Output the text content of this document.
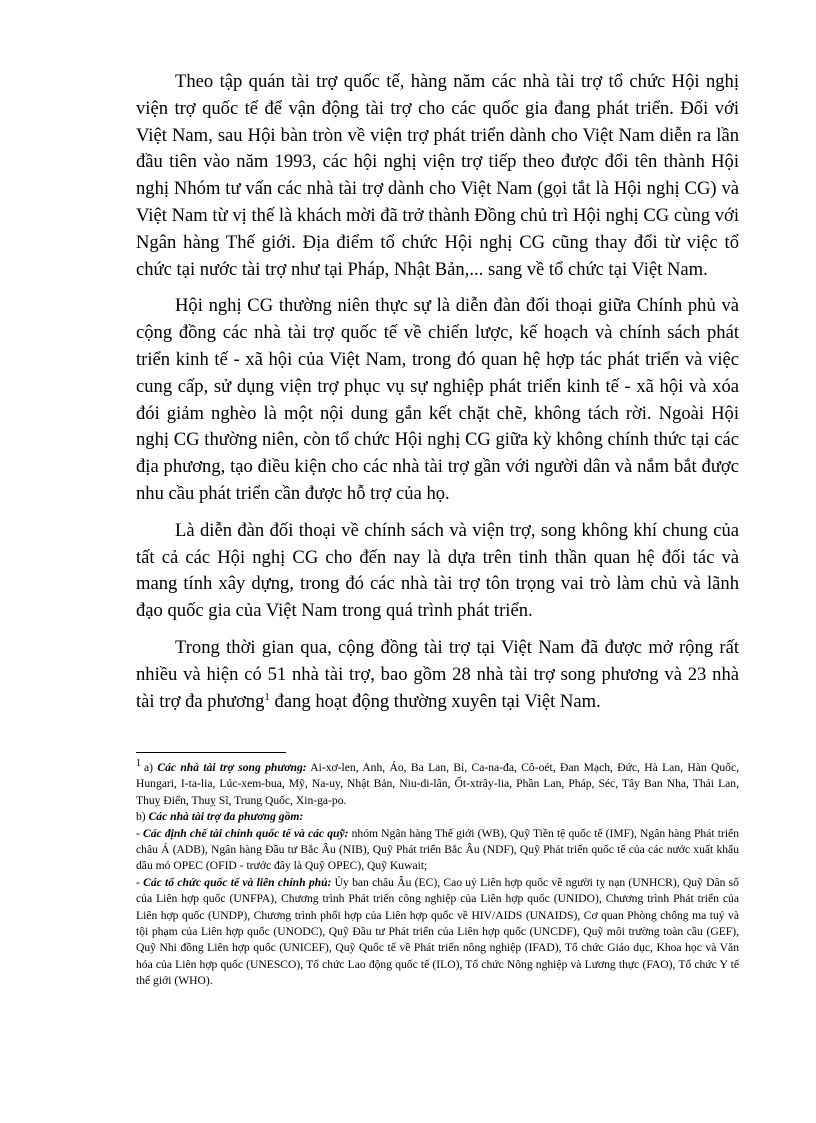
Theo tập quán tài trợ quốc tế, hàng năm các nhà tài trợ tổ chức Hội nghị viện trợ quốc tế để vận động tài trợ cho các quốc gia đang phát triển. Đối với Việt Nam, sau Hội bàn tròn về viện trợ phát triển dành cho Việt Nam diễn ra lần đầu tiên vào năm 1993, các hội nghị viện trợ tiếp theo được đổi tên thành Hội nghị Nhóm tư vấn các nhà tài trợ dành cho Việt Nam (gọi tắt là Hội nghị CG) và Việt Nam từ vị thế là khách mời đã trở thành Đồng chủ trì Hội nghị CG cùng với Ngân hàng Thế giới. Địa điểm tổ chức Hội nghị CG cũng thay đổi từ việc tổ chức tại nước tài trợ như tại Pháp, Nhật Bản,... sang về tổ chức tại Việt Nam.

Hội nghị CG thường niên thực sự là diễn đàn đối thoại giữa Chính phủ và cộng đồng các nhà tài trợ quốc tế về chiến lược, kế hoạch và chính sách phát triển kinh tế - xã hội của Việt Nam, trong đó quan hệ hợp tác phát triển và việc cung cấp, sử dụng viện trợ phục vụ sự nghiệp phát triển kinh tế - xã hội và xóa đói giảm nghèo là một nội dung gắn kết chặt chẽ, không tách rời. Ngoài Hội nghị CG thường niên, còn tổ chức Hội nghị CG giữa kỳ không chính thức tại các địa phương, tạo điều kiện cho các nhà tài trợ gần với người dân và nắm bắt được nhu cầu phát triển cần được hỗ trợ của họ.

Là diễn đàn đối thoại về chính sách và viện trợ, song không khí chung của tất cả các Hội nghị CG cho đến nay là dựa trên tinh thần quan hệ đối tác và mang tính xây dựng, trong đó các nhà tài trợ tôn trọng vai trò làm chủ và lãnh đạo quốc gia của Việt Nam trong quá trình phát triển.

Trong thời gian qua, cộng đồng tài trợ tại Việt Nam đã được mở rộng rất nhiều và hiện có 51 nhà tài trợ, bao gồm 28 nhà tài trợ song phương và 23 nhà tài trợ đa phương$^1$ đang hoạt động thường xuyên tại Việt Nam.

1 a) Các nhà tài trợ song phương: Ai-xơ-len, Anh, Áo, Ba Lan, Bỉ, Ca-na-đa, Cô-oét, Đan Mạch, Đức, Hà Lan, Hàn Quốc, Hungari, I-ta-lia, Lúc-xem-bua, Mỹ, Na-uy, Nhật Bản, Niu-di-lân, Ốt-xtrây-lia, Phần Lan, Pháp, Séc, Tây Ban Nha, Thái Lan, Thuỵ Điển, Thuỵ Sĩ, Trung Quốc, Xin-ga-po.

b) Các nhà tài trợ đa phương gồm:

- Các định chế tài chính quốc tế và các quỹ: nhóm Ngân hàng Thế giới (WB), Quỹ Tiền tệ quốc tế (IMF), Ngân hàng Phát triển châu Á (ADB), Ngân hàng Đầu tư Bắc Âu (NIB), Quỹ Phát triển Bắc Âu (NDF), Quỹ Phát triển quốc tế của các nước xuất khẩu dầu mỏ OPEC (OFID - trước đây là Quỹ OPEC), Quỹ Kuwait;

- Các tổ chức quốc tế và liên chính phủ: Ủy ban châu Âu (EC), Cao uỷ Liên hợp quốc về người tỵ nạn (UNHCR), Quỹ Dân số của Liên hợp quốc (UNFPA), Chương trình Phát triển công nghiệp của Liên hợp quốc (UNIDO), Chương trình Phát triển của Liên hợp quốc (UNDP), Chương trình phối hợp của Liên hợp quốc về HIV/AIDS (UNAIDS), Cơ quan Phòng chống ma tuý và tội phạm của Liên hợp quốc (UNODC), Quỹ Đầu tư Phát triển của Liên hợp quốc (UNCDF), Quỹ môi trường toàn cầu (GEF), Quỹ Nhi đồng Liên hợp quốc (UNICEF), Quỹ Quốc tế về Phát triển nông nghiệp (IFAD), Tổ chức Giáo dục, Khoa học và Văn hóa của Liên hợp quốc (UNESCO), Tổ chức Lao động quốc tế (ILO), Tổ chức Nông nghiệp và Lương thực (FAO), Tổ chức Y tế thế giới (WHO).
